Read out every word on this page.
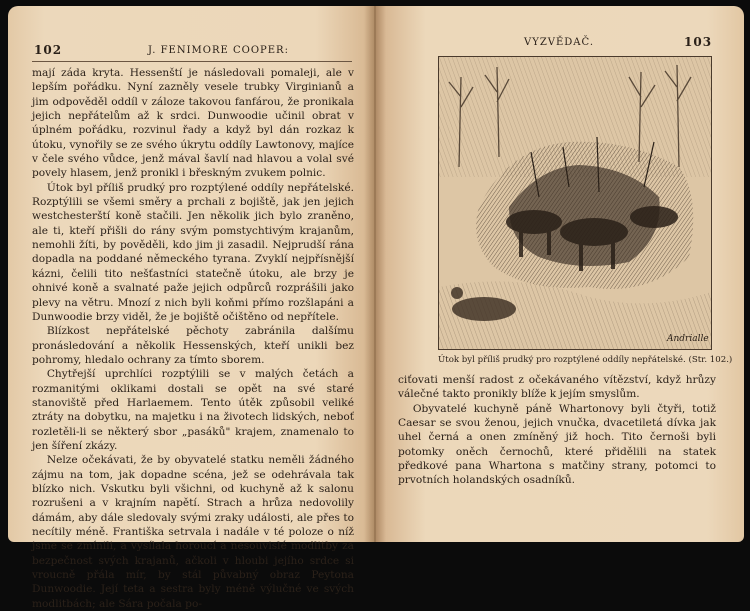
102	J. FENIMORE COOPER:

mají záda kryta. Hessenští je následovali pomaleji, ale v lepším pořádku. Nyní zazněly vesele trubky Virginianů a jim odpověděl oddíl v záloze takovou fanfárou, že pronikala jejich nepřátelům až k srdci. Dunwoodie učinil obrat v úplném pořádku, rozvinul řady a když byl dán rozkaz k útoku, vynořily se ze svého úkrytu oddíly Lawtonovy, majíce v čele svého vůdce, jenž mával šavlí nad hlavou a volal své povely hlasem, jenž pronikl i břeskným zvukem polnic.

Útok byl příliš prudký pro rozptýlené oddíly nepřátelské. Rozptýlili se všemi směry a prchali z bojiště, jak jen jejich westchesterští koně stačili. Jen několik jich bylo zraněno, ale ti, kteří přišli do rány svým pomstychtivým krajanům, nemohli žíti, by pověděli, kdo jim ji zasadil. Nejprudší rána dopadla na poddané německého tyrana. Zvyklí nejpřísnější kázni, čelili tito nešťastníci statečně útoku, ale brzy je ohnivé koně a svalnaté paže jejich odpůrců rozprášili jako plevy na větru. Mnozí z nich byli koňmi přímo rozšlapáni a Dunwoodie brzy viděl, že je bojiště očištěno od nepřítele.

Blízkost nepřátelské pěchoty zabránila dalšímu pronásledování a několik Hessenských, kteří unikli bez pohromy, hledalo ochrany za tímto sborem.

Chytřejší uprchlíci rozptýlili se v malých četách a rozmanitými oklikami dostali se opět na své staré stanoviště před Harlaemem. Tento útěk způsobil veliké ztráty na dobytku, na majetku i na životech lidských, neboť rozletěli-li se některý sbor „pasáků" krajem, znamenalo to jen šíření zkázy.

Nelze očekávati, že by obyvatelé statku neměli žádného zájmu na tom, jak dopadne scéna, jež se odehrávala tak blízko nich. Vskutku byli všichni, od kuchyně až k salonu rozrušeni a v krajním napětí. Strach a hrůza nedovolily dámám, aby dále sledovaly svými zraky události, ale přes to necítily méně. Františka setrvala i nadále v té poloze o níž jsme se zmínili, a vysílala horoucí a nesouvislé modlitby za bezpečnost svých krajanů, ačkoli v hloubi jejího srdce si vroucně přála mír, by stál půvabný obraz Peytona Dunwoodie. Její teta a sestra byly méně výlučné ve svých modlitbách; ale Sára počala po-

VYZVĚDAČ.	103
Andrialle
Útok byl příliš prudký pro rozptýlené oddíly nepřátelské. (Str. 102.)

ciťovati menší radost z očekávaného vítězství, když hrůzy válečné takto pronikly blíže k jejím smyslům.

Obyvatelé kuchyně páně Whartonovy byli čtyři, totiž Caesar se svou ženou, jejich vnučka, dvacetiletá dívka jak uhel černá a onen zmíněný již hoch. Tito černoši byli potomky oněch černochů, které přidělili na statek předkové pana Whartona s matčiny strany, potomci to prvotních holandských osadníků.
